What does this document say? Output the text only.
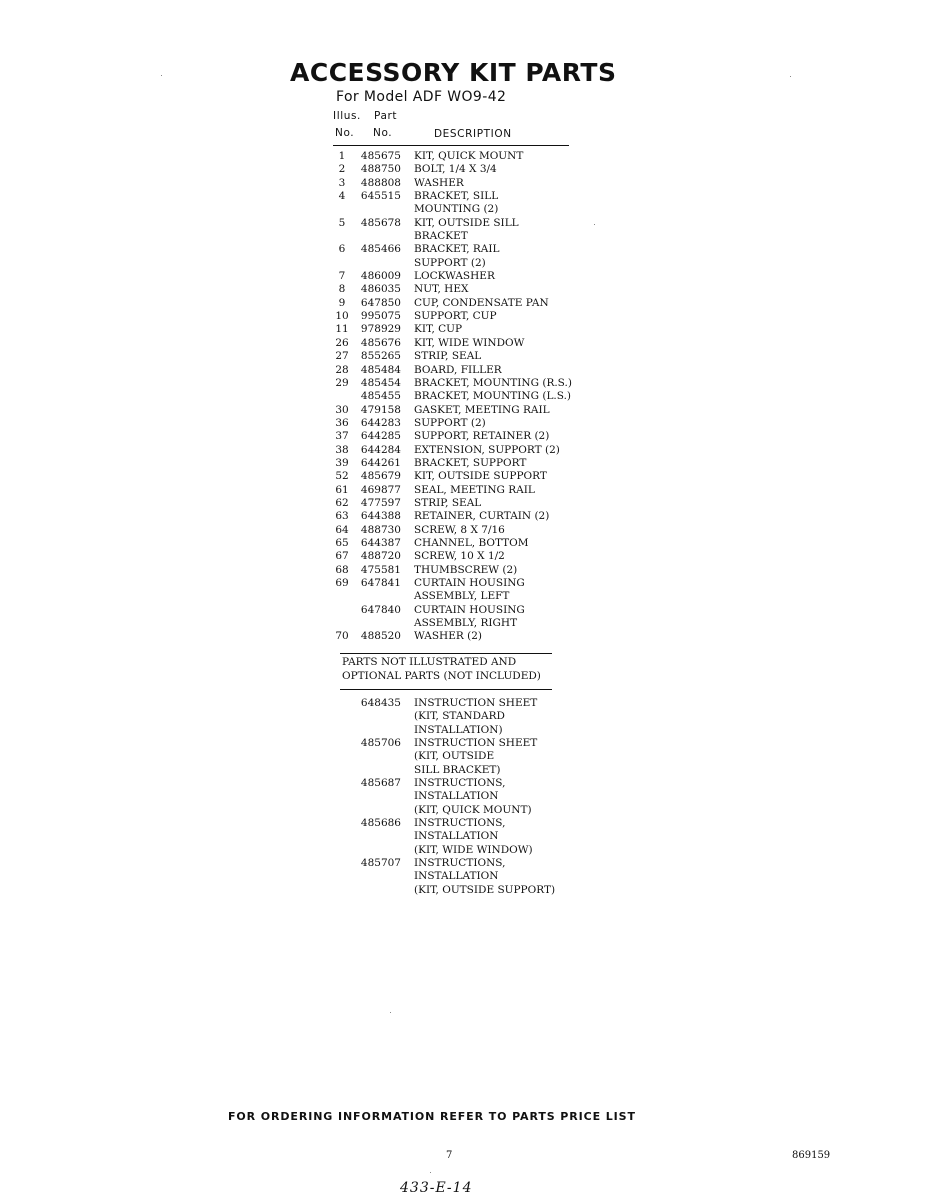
ACCESSORY KIT PARTS
For Model ADF WO9-42
Illus. Part
No. No.	DESCRIPTION
1	485675	KIT, QUICK MOUNT
2	488750	BOLT, 1/4 X 3/4
3	488808	WASHER
4	645515	BRACKET, SILL
MOUNTING (2)
5	485678	KIT, OUTSIDE SILL
BRACKET
6	485466	BRACKET, RAIL
SUPPORT (2)
7	486009	LOCKWASHER
8	486035	NUT, HEX
9	647850	CUP, CONDENSATE PAN
10	995075	SUPPORT, CUP
11	978929	KIT, CUP
26	485676	KIT, WIDE WINDOW
27	855265	STRIP, SEAL
28	485484	BOARD, FILLER
29	485454	BRACKET, MOUNTING (R.S.)
485455	BRACKET, MOUNTING (L.S.)
30	479158	GASKET, MEETING RAIL
36	644283	SUPPORT (2)
37	644285	SUPPORT, RETAINER (2)
38	644284	EXTENSION, SUPPORT (2)
39	644261	BRACKET, SUPPORT
52	485679	KIT, OUTSIDE SUPPORT
61	469877	SEAL, MEETING RAIL
62	477597	STRIP, SEAL
63	644388	RETAINER, CURTAIN (2)
64	488730	SCREW, 8 X 7/16
65	644387	CHANNEL, BOTTOM
67	488720	SCREW, 10 X 1/2
68	475581	THUMBSCREW (2)
69	647841	CURTAIN HOUSING
ASSEMBLY, LEFT
647840	CURTAIN HOUSING
ASSEMBLY, RIGHT
70	488520	WASHER (2)
PARTS NOT ILLUSTRATED AND
OPTIONAL PARTS (NOT INCLUDED)
648435	INSTRUCTION SHEET
(KIT, STANDARD
INSTALLATION)
485706	INSTRUCTION SHEET
(KIT, OUTSIDE
SILL BRACKET)
485687	INSTRUCTIONS,
INSTALLATION
(KIT, QUICK MOUNT)
485686	INSTRUCTIONS,
INSTALLATION
(KIT, WIDE WINDOW)
485707	INSTRUCTIONS,
INSTALLATION
(KIT, OUTSIDE SUPPORT)
FOR ORDERING INFORMATION REFER TO PARTS PRICE LIST
7	869159
433-E-14
